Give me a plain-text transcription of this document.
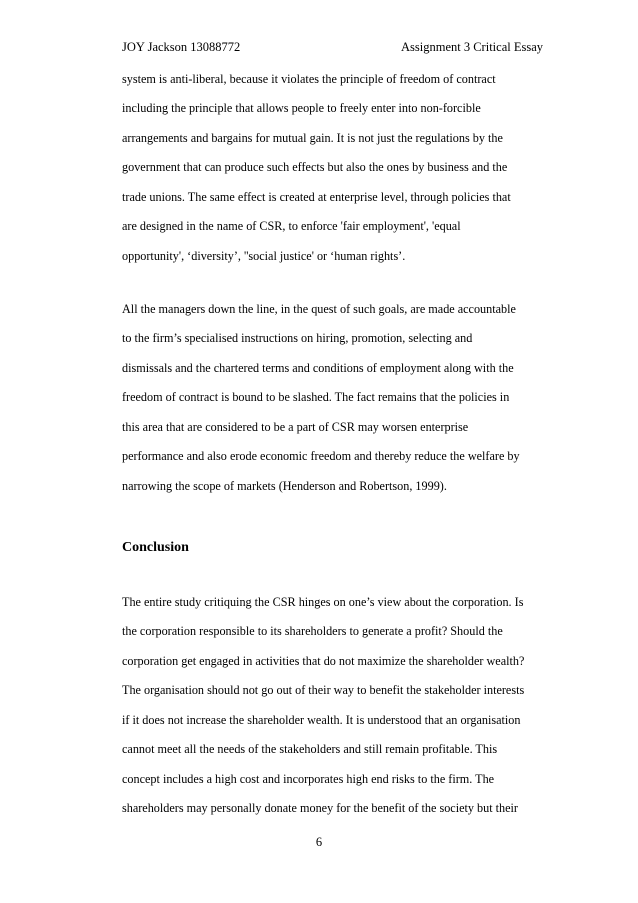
JOY Jackson 13088772	Assignment 3 Critical Essay
system is anti-liberal, because it violates the principle of freedom of contract
including the principle that allows people to freely enter into non-forcible
arrangements and bargains for mutual gain. It is not just the regulations by the
government that can produce such effects but also the ones by business and the
trade unions. The same effect is created at enterprise level, through policies that
are designed in the name of CSR, to enforce 'fair employment', 'equal
opportunity', ‘diversity’, ''social justice' or ‘human rights’.
All the managers down the line, in the quest of such goals, are made accountable
to the firm’s specialised instructions on hiring, promotion, selecting and
dismissals and the chartered terms and conditions of employment along with the
freedom of contract is bound to be slashed. The fact remains that the policies in
this area that are considered to be a part of CSR may worsen enterprise
performance and also erode economic freedom and thereby reduce the welfare by
narrowing the scope of markets (Henderson and Robertson, 1999).
Conclusion
The entire study critiquing the CSR hinges on one’s view about the corporation. Is
the corporation responsible to its shareholders to generate a profit? Should the
corporation get engaged in activities that do not maximize the shareholder wealth?
The organisation should not go out of their way to benefit the stakeholder interests
if it does not increase the shareholder wealth. It is understood that an organisation
cannot meet all the needs of the stakeholders and still remain profitable. This
concept includes a high cost and incorporates high end risks to the firm. The
shareholders may personally donate money for the benefit of the society but their
6
